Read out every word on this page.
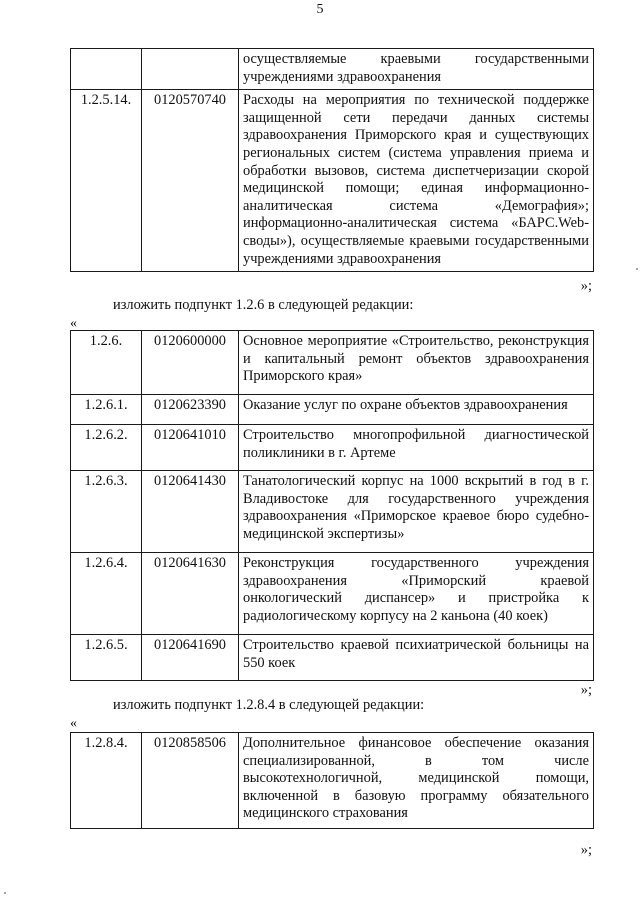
5
		осуществляемые краевыми государственными учреждениями здравоохранения
1.2.5.14.	0120570740	Расходы на мероприятия по технической поддержке защищенной сети передачи данных системы здравоохранения Приморского края и существующих региональных систем (система управления приема и обработки вызовов, система диспетчеризации скорой медицинской помощи; единая информационно-аналитическая система «Демография»; информационно-аналитическая система «БАРС.Web-своды»), осуществляемые краевыми государственными учреждениями здравоохранения
»;
изложить подпункт 1.2.6 в следующей редакции:
«
1.2.6.	0120600000	Основное мероприятие «Строительство, реконструкция и капитальный ремонт объектов здравоохранения Приморского края»
1.2.6.1.	0120623390	Оказание услуг по охране объектов здравоохранения
1.2.6.2.	0120641010	Строительство многопрофильной диагностической поликлиники в г. Артеме
1.2.6.3.	0120641430	Танатологический корпус на 1000 вскрытий в год в г. Владивостоке для государственного учреждения здравоохранения «Приморское краевое бюро судебно-медицинской экспертизы»
1.2.6.4.	0120641630	Реконструкция государственного учреждения здравоохранения «Приморский краевой онкологический диспансер» и пристройка к радиологическому корпусу на 2 каньона (40 коек)
1.2.6.5.	0120641690	Строительство краевой психиатрической больницы на 550 коек
»;
изложить подпункт 1.2.8.4 в следующей редакции:
«
1.2.8.4.	0120858506	Дополнительное финансовое обеспечение оказания специализированной, в том числе высокотехнологичной, медицинской помощи, включенной в базовую программу обязательного медицинского страхования
»;
